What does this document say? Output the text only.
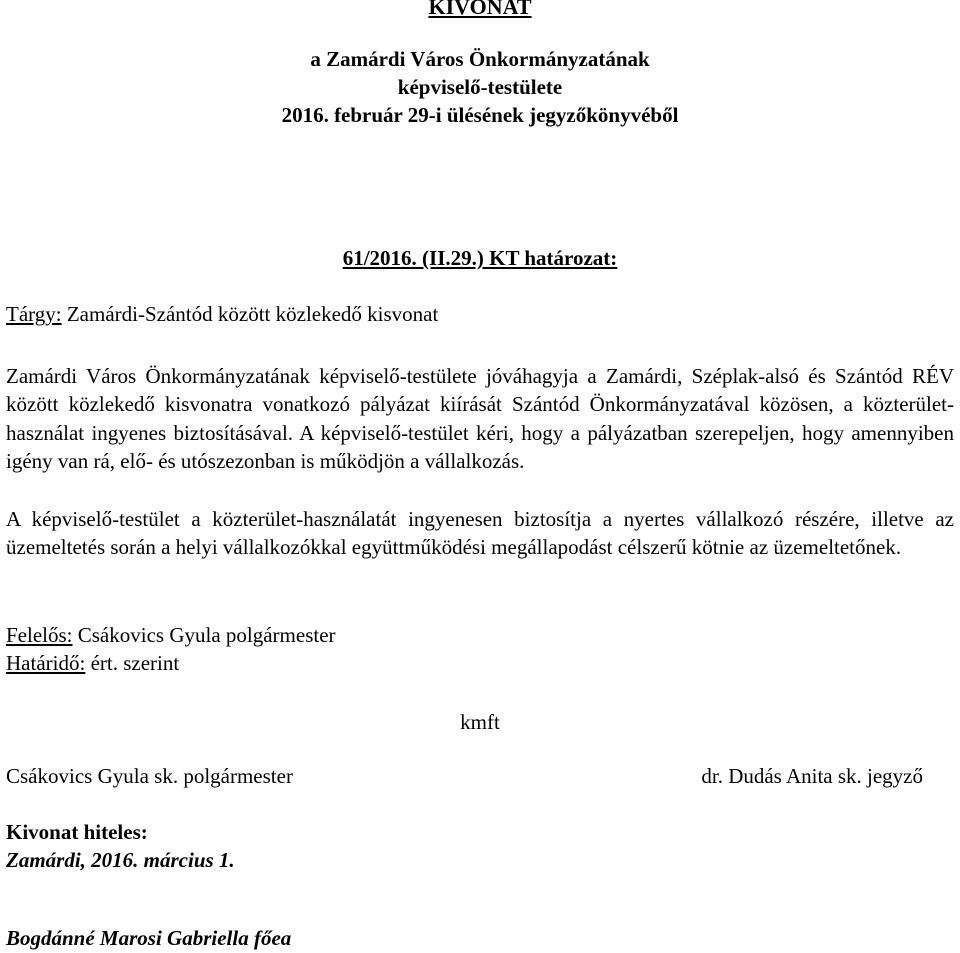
KIVONAT
a Zamárdi Város Önkormányzatának
képviselő-testülete
2016. február 29-i ülésének jegyzőkönyvéből
61/2016. (II.29.) KT határozat:
Tárgy: Zamárdi-Szántód között közlekedő kisvonat
Zamárdi Város Önkormányzatának képviselő-testülete jóváhagyja a Zamárdi, Széplak-alsó és Szántód RÉV között közlekedő kisvonatra vonatkozó pályázat kiírását Szántód Önkormányzatával közösen, a közterület-használat ingyenes biztosításával. A képviselő-testület kéri, hogy a pályázatban szerepeljen, hogy amennyiben igény van rá, elő- és utószezonban is működjön a vállalkozás.
A képviselő-testület a közterület-használatát ingyenesen biztosítja a nyertes vállalkozó részére, illetve az üzemeltetés során a helyi vállalkozókkal együttműködési megállapodást célszerű kötnie az üzemeltetőnek.
Felelős: Csákovics Gyula polgármester
Határidő: ért. szerint
kmft
Csákovics Gyula sk. polgármester	dr. Dudás Anita sk. jegyző
Kivonat hiteles:
Zamárdi, 2016. március 1.
Bogdánné Marosi Gabriella főea
